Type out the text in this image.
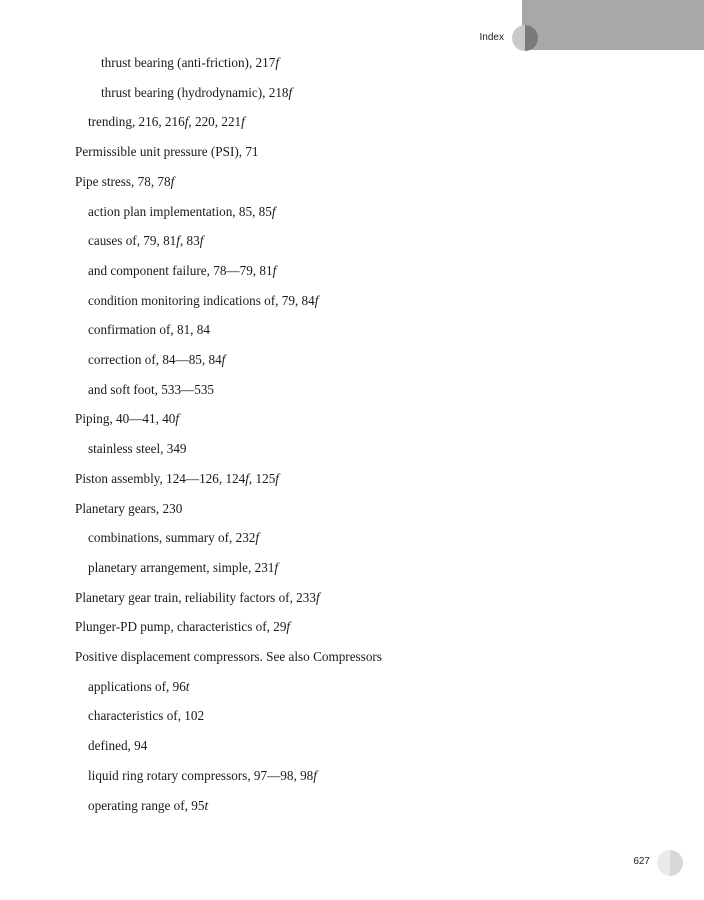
Index
thrust bearing (anti-friction), 217f
thrust bearing (hydrodynamic), 218f
trending, 216, 216f, 220, 221f
Permissible unit pressure (PSI), 71
Pipe stress, 78, 78f
action plan implementation, 85, 85f
causes of, 79, 81f, 83f
and component failure, 78—79, 81f
condition monitoring indications of, 79, 84f
confirmation of, 81, 84
correction of, 84—85, 84f
and soft foot, 533—535
Piping, 40—41, 40f
stainless steel, 349
Piston assembly, 124—126, 124f, 125f
Planetary gears, 230
combinations, summary of, 232f
planetary arrangement, simple, 231f
Planetary gear train, reliability factors of, 233f
Plunger-PD pump, characteristics of, 29f
Positive displacement compressors. See also Compressors
applications of, 96t
characteristics of, 102
defined, 94
liquid ring rotary compressors, 97—98, 98f
operating range of, 95t
627
